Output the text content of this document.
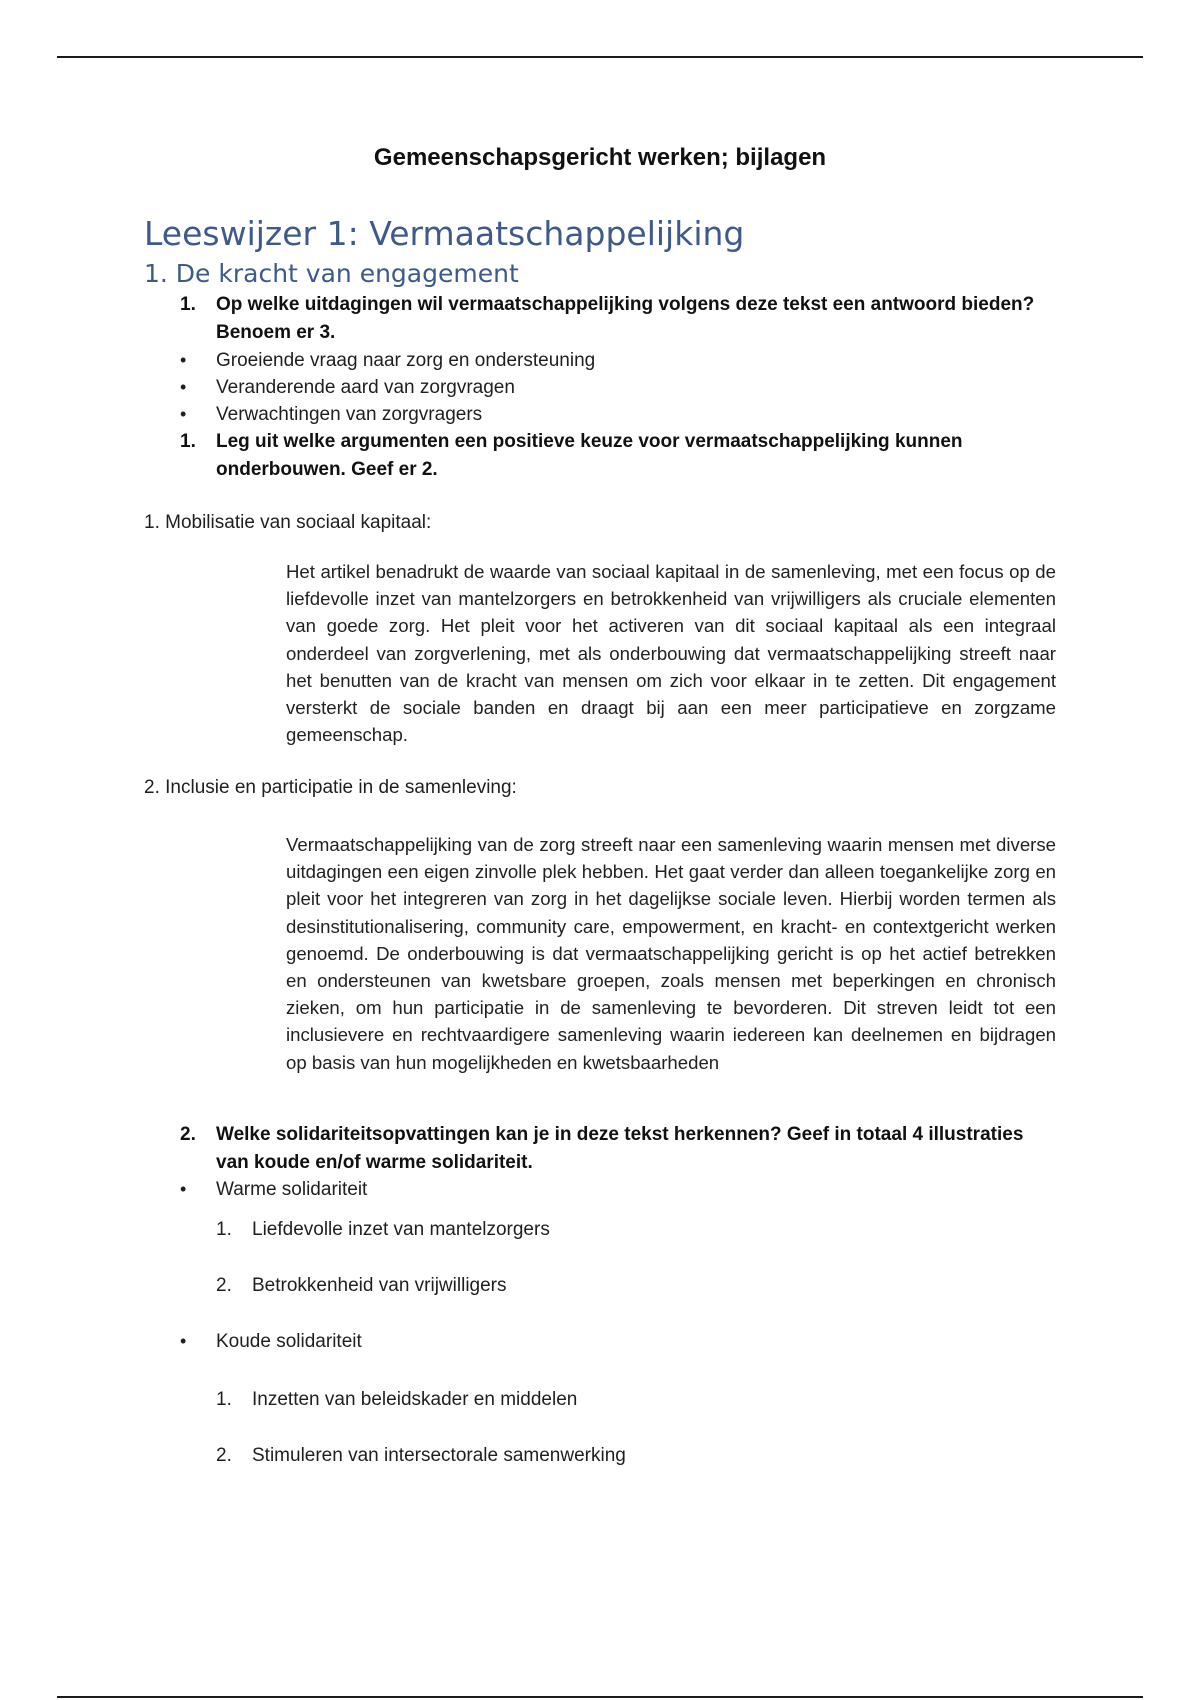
Gemeenschapsgericht werken; bijlagen
Leeswijzer 1: Vermaatschappelijking
1. De kracht van engagement
1. Op welke uitdagingen wil vermaatschappelijking volgens deze tekst een antwoord bieden?
Benoem er 3.
• Groeiende vraag naar zorg en ondersteuning
• Veranderende aard van zorgvragen
• Verwachtingen van zorgvragers
1. Leg uit welke argumenten een positieve keuze voor vermaatschappelijking kunnen
onderbouwen. Geef er 2.
1. Mobilisatie van sociaal kapitaal:
Het artikel benadrukt de waarde van sociaal kapitaal in de samenleving, met een focus op de liefdevolle inzet van mantelzorgers en betrokkenheid van vrijwilligers als cruciale elementen van goede zorg. Het pleit voor het activeren van dit sociaal kapitaal als een integraal onderdeel van zorgverlening, met als onderbouwing dat vermaatschappelijking streeft naar het benutten van de kracht van mensen om zich voor elkaar in te zetten. Dit engagement versterkt de sociale banden en draagt bij aan een meer participatieve en zorgzame gemeenschap.
2. Inclusie en participatie in de samenleving:
Vermaatschappelijking van de zorg streeft naar een samenleving waarin mensen met diverse uitdagingen een eigen zinvolle plek hebben. Het gaat verder dan alleen toegankelijke zorg en pleit voor het integreren van zorg in het dagelijkse sociale leven. Hierbij worden termen als desinstitutionalisering, community care, empowerment, en kracht- en contextgericht werken genoemd. De onderbouwing is dat vermaatschappelijking gericht is op het actief betrekken en ondersteunen van kwetsbare groepen, zoals mensen met beperkingen en chronisch zieken, om hun participatie in de samenleving te bevorderen. Dit streven leidt tot een inclusievere en rechtvaardigere samenleving waarin iedereen kan deelnemen en bijdragen op basis van hun mogelijkheden en kwetsbaarheden
2. Welke solidariteitsopvattingen kan je in deze tekst herkennen? Geef in totaal 4 illustraties
van koude en/of warme solidariteit.
• Warme solidariteit
1. Liefdevolle inzet van mantelzorgers
2. Betrokkenheid van vrijwilligers
• Koude solidariteit
1. Inzetten van beleidskader en middelen
2. Stimuleren van intersectorale samenwerking
